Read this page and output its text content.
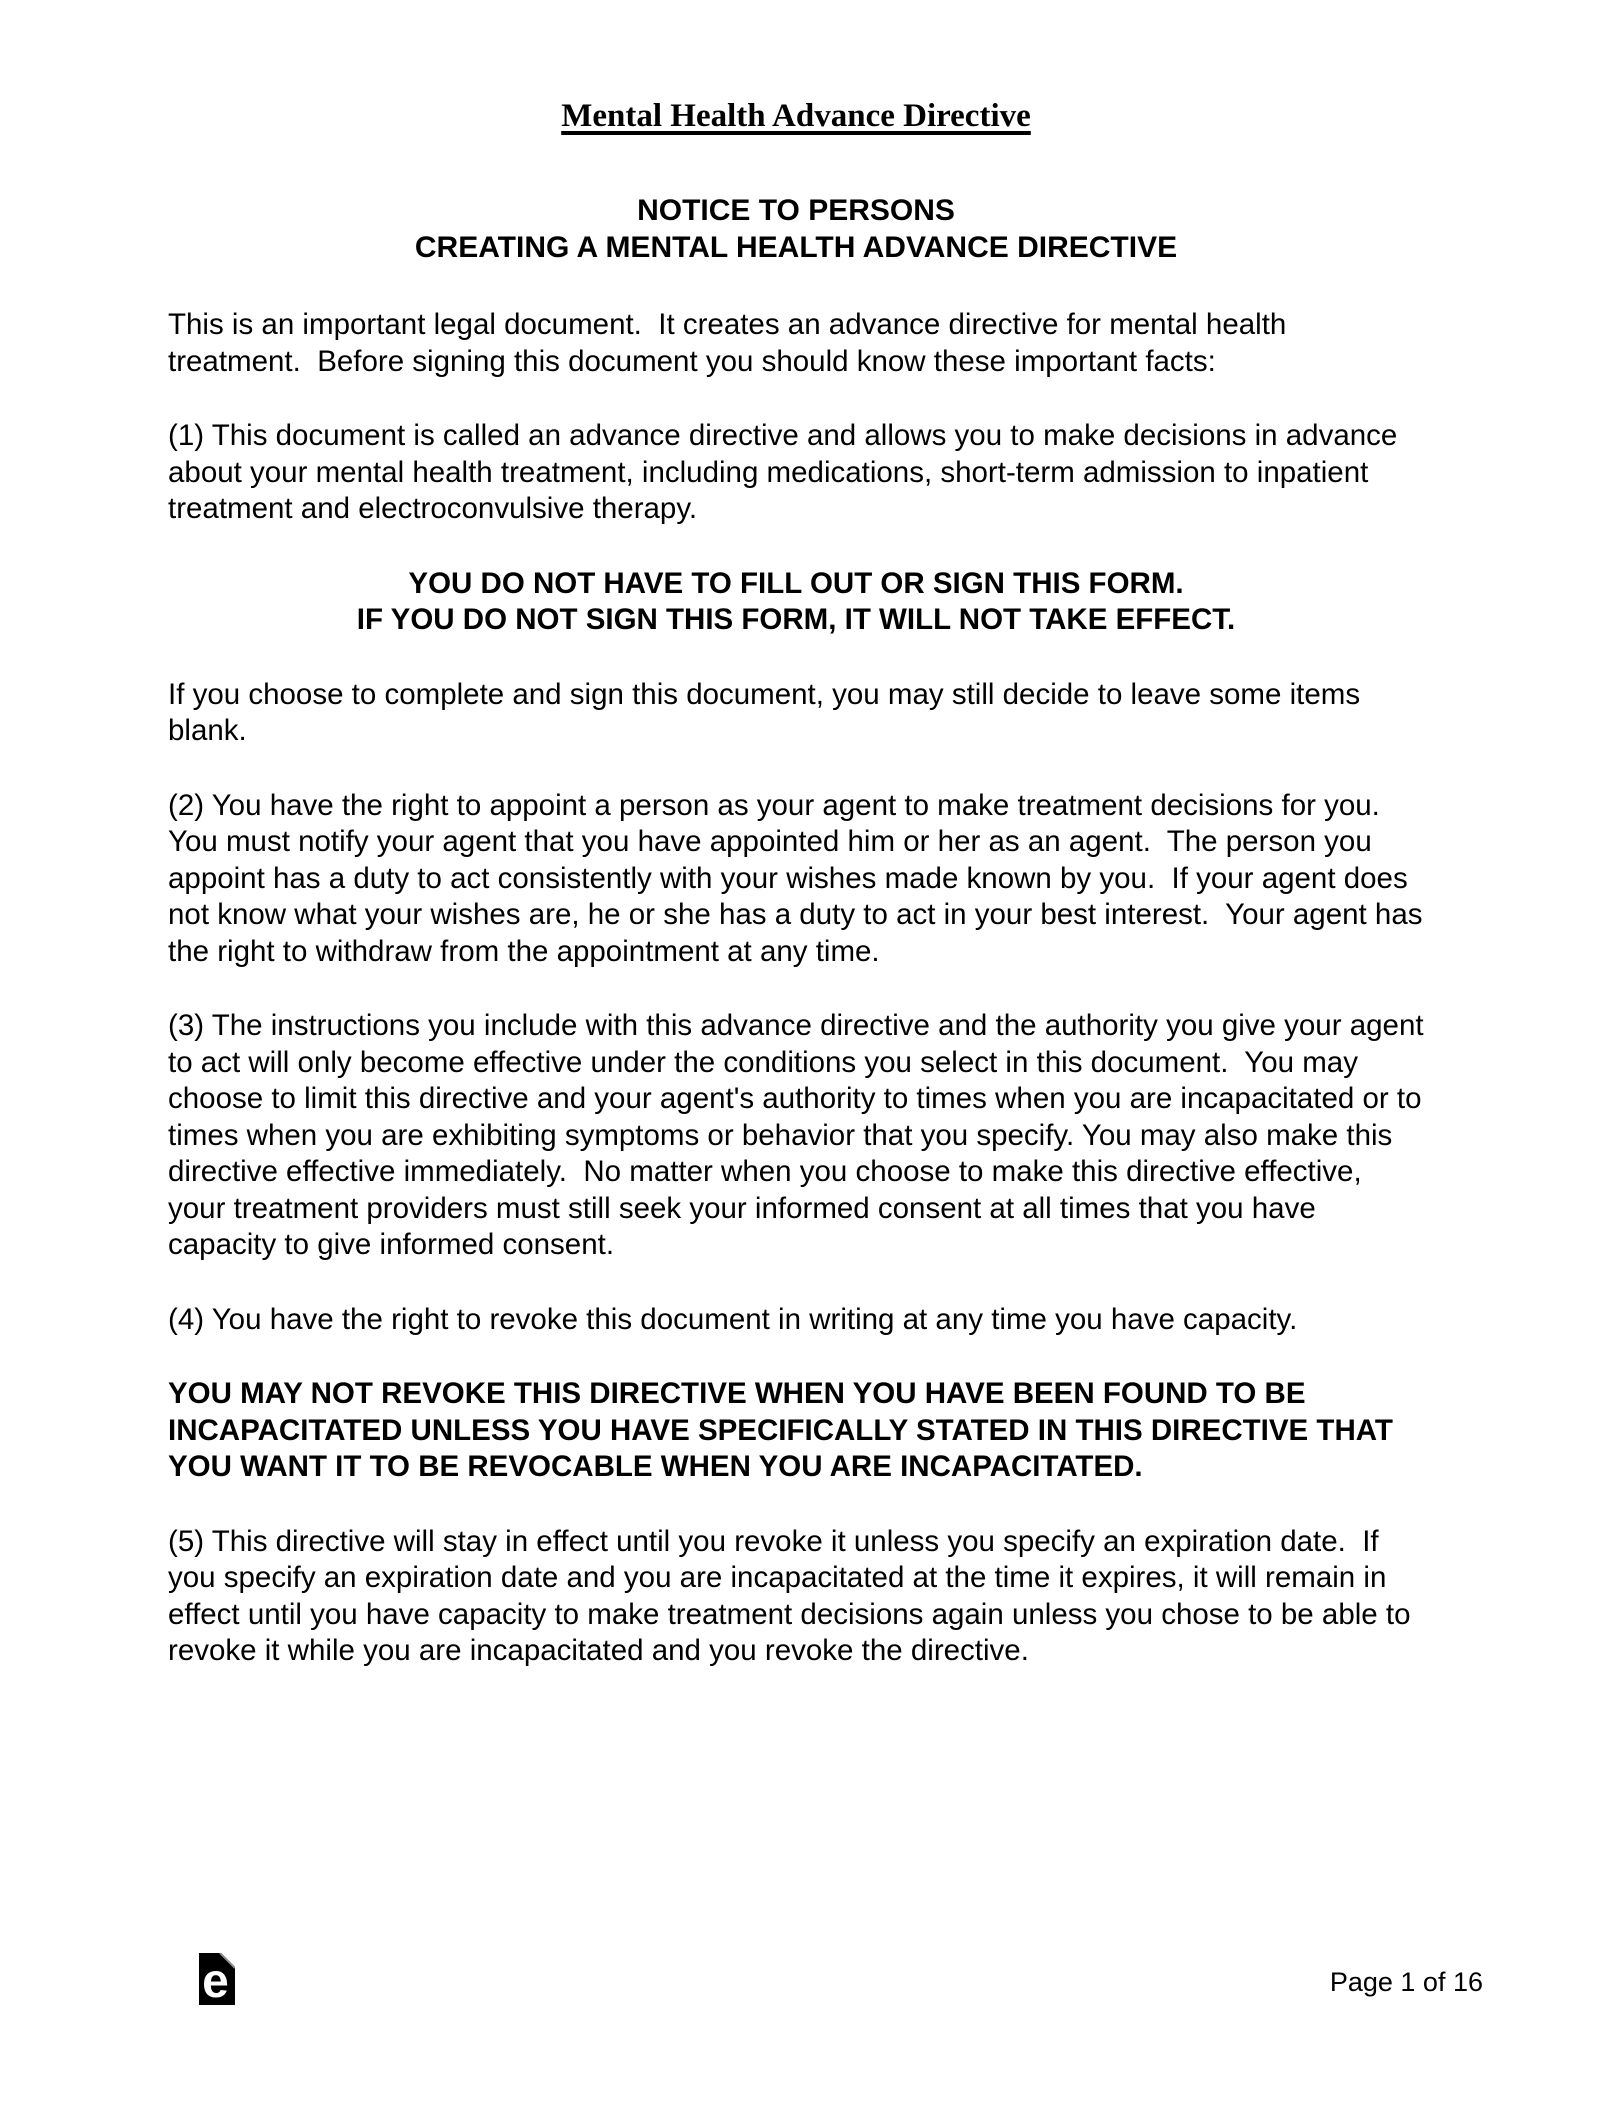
Mental Health Advance Directive
NOTICE TO PERSONS
CREATING A MENTAL HEALTH ADVANCE DIRECTIVE

This is an important legal document.  It creates an advance directive for mental health treatment.  Before signing this document you should know these important facts:

(1) This document is called an advance directive and allows you to make decisions in advance about your mental health treatment, including medications, short-term admission to inpatient treatment and electroconvulsive therapy.

YOU DO NOT HAVE TO FILL OUT OR SIGN THIS FORM.
IF YOU DO NOT SIGN THIS FORM, IT WILL NOT TAKE EFFECT.

If you choose to complete and sign this document, you may still decide to leave some items blank.

(2) You have the right to appoint a person as your agent to make treatment decisions for you.  You must notify your agent that you have appointed him or her as an agent.  The person you appoint has a duty to act consistently with your wishes made known by you.  If your agent does not know what your wishes are, he or she has a duty to act in your best interest.  Your agent has the right to withdraw from the appointment at any time.

(3) The instructions you include with this advance directive and the authority you give your agent to act will only become effective under the conditions you select in this document.  You may choose to limit this directive and your agent's authority to times when you are incapacitated or to times when you are exhibiting symptoms or behavior that you specify. You may also make this directive effective immediately.  No matter when you choose to make this directive effective, your treatment providers must still seek your informed consent at all times that you have capacity to give informed consent.

(4) You have the right to revoke this document in writing at any time you have capacity.

YOU MAY NOT REVOKE THIS DIRECTIVE WHEN YOU HAVE BEEN FOUND TO BE INCAPACITATED UNLESS YOU HAVE SPECIFICALLY STATED IN THIS DIRECTIVE THAT YOU WANT IT TO BE REVOCABLE WHEN YOU ARE INCAPACITATED.

(5) This directive will stay in effect until you revoke it unless you specify an expiration date.  If you specify an expiration date and you are incapacitated at the time it expires, it will remain in effect until you have capacity to make treatment decisions again unless you chose to be able to revoke it while you are incapacitated and you revoke the directive.

e	Page 1 of 16
